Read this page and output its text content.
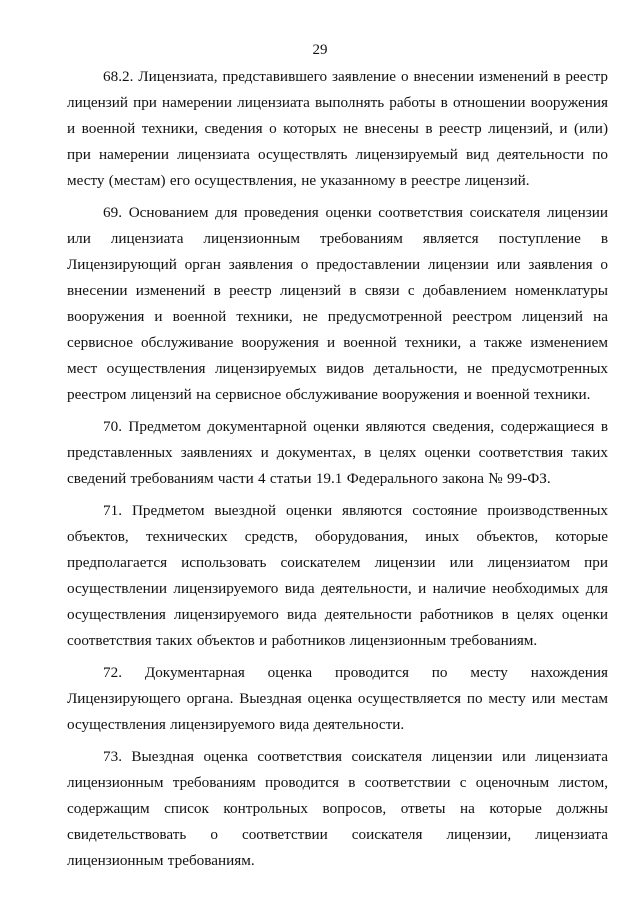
29

68.2. Лицензиата, представившего заявление о внесении изменений в реестр лицензий при намерении лицензиата выполнять работы в отношении вооружения и военной техники, сведения о которых не внесены в реестр лицензий, и (или) при намерении лицензиата осуществлять лицензируемый вид деятельности по месту (местам) его осуществления, не указанному в реестре лицензий.

69. Основанием для проведения оценки соответствия соискателя лицензии или лицензиата лицензионным требованиям является поступление в Лицензирующий орган заявления о предоставлении лицензии или заявления о внесении изменений в реестр лицензий в связи с добавлением номенклатуры вооружения и военной техники, не предусмотренной реестром лицензий на сервисное обслуживание вооружения и военной техники, а также изменением мест осуществления лицензируемых видов детальности, не предусмотренных реестром лицензий на сервисное обслуживание вооружения и военной техники.

70. Предметом документарной оценки являются сведения, содержащиеся в представленных заявлениях и документах, в целях оценки соответствия таких сведений требованиям части 4 статьи 19.1 Федерального закона № 99-ФЗ.

71. Предметом выездной оценки являются состояние производственных объектов, технических средств, оборудования, иных объектов, которые предполагается использовать соискателем лицензии или лицензиатом при осуществлении лицензируемого вида деятельности, и наличие необходимых для осуществления лицензируемого вида деятельности работников в целях оценки соответствия таких объектов и работников лицензионным требованиям.

72. Документарная оценка проводится по месту нахождения Лицензирующего органа. Выездная оценка осуществляется по месту или местам осуществления лицензируемого вида деятельности.

73. Выездная оценка соответствия соискателя лицензии или лицензиата лицензионным требованиям проводится в соответствии с оценочным листом, содержащим список контрольных вопросов, ответы на которые должны свидетельствовать о соответствии соискателя лицензии, лицензиата лицензионным требованиям.
